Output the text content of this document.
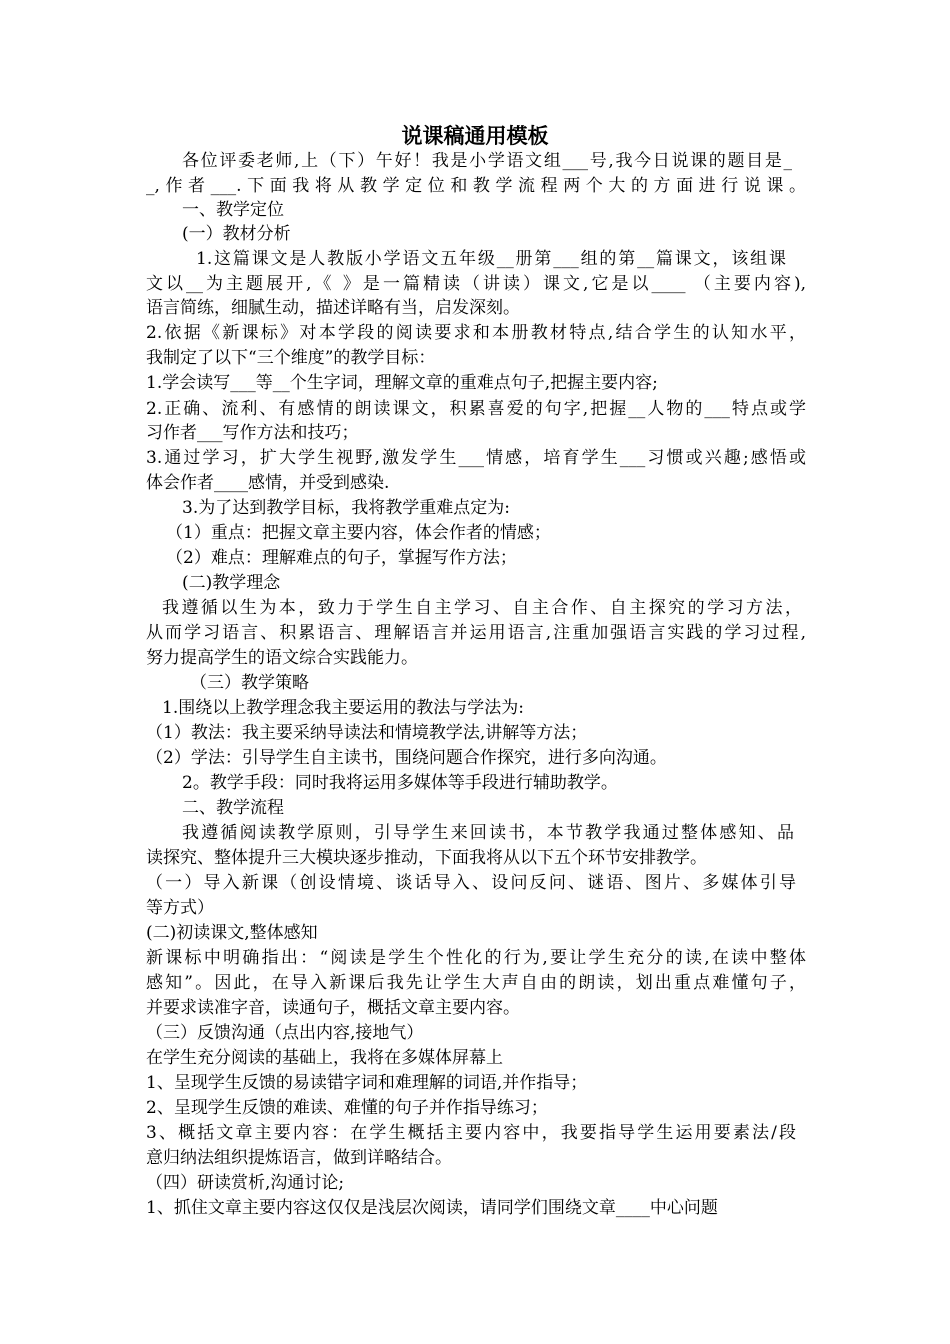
说课稿通用模板
各位评委老师,上（下）午好！我是小学语文组___号,我今日说课的题目是_
_,作者___.下面我将从教学定位和教学流程两个大的方面进行说课。
一、教学定位
(一）教材分析
1.这篇课文是人教版小学语文五年级__册第___组的第__篇课文，该组课
文以__为主题展开,《 》是一篇精读（讲读）课文,它是以____ （主要内容),
语言简练，细腻生动，描述详略有当，启发深刻。
2.依据《新课标》对本学段的阅读要求和本册教材特点,结合学生的认知水平，
我制定了以下“三个维度”的教学目标：
1.学会读写___等__个生字词，理解文章的重难点句子,把握主要内容;
2.正确、流利、有感情的朗读课文，积累喜爱的句字,把握__人物的___特点或学
习作者___写作方法和技巧；
3.通过学习，扩大学生视野,激发学生___情感，培育学生___习惯或兴趣;感悟或
体会作者____感情，并受到感染.
3.为了达到教学目标，我将教学重难点定为:
（1）重点：把握文章主要内容，体会作者的情感；
（2）难点：理解难点的句子，掌握写作方法；
(二)教学理念
我遵循以生为本，致力于学生自主学习、自主合作、自主探究的学习方法，
从而学习语言、积累语言、理解语言并运用语言,注重加强语言实践的学习过程,
努力提高学生的语文综合实践能力。
（三）教学策略
1.围绕以上教学理念我主要运用的教法与学法为:
（1）教法：我主要采纳导读法和情境教学法,讲解等方法；
（2）学法：引导学生自主读书，围绕问题合作探究，进行多向沟通。
2。教学手段：同时我将运用多媒体等手段进行辅助教学。
二、教学流程
我遵循阅读教学原则，引导学生来回读书，本节教学我通过整体感知、品
读探究、整体提升三大模块逐步推动，下面我将从以下五个环节安排教学。
（一）导入新课（创设情境、谈话导入、设问反问、谜语、图片、多媒体引导
等方式）
(二)初读课文,整体感知
新课标中明确指出：“阅读是学生个性化的行为,要让学生充分的读,在读中整体
感知”。因此，在导入新课后我先让学生大声自由的朗读，划出重点难懂句子，
并要求读准字音，读通句子，概括文章主要内容。
（三）反馈沟通（点出内容,接地气）
在学生充分阅读的基础上，我将在多媒体屏幕上
1、呈现学生反馈的易读错字词和难理解的词语,并作指导；
2、呈现学生反馈的难读、难懂的句子并作指导练习；
3、概括文章主要内容：在学生概括主要内容中，我要指导学生运用要素法/段
意归纳法组织提炼语言，做到详略结合。
（四）研读赏析,沟通讨论;
1、抓住文章主要内容这仅仅是浅层次阅读，请同学们围绕文章____中心问题
